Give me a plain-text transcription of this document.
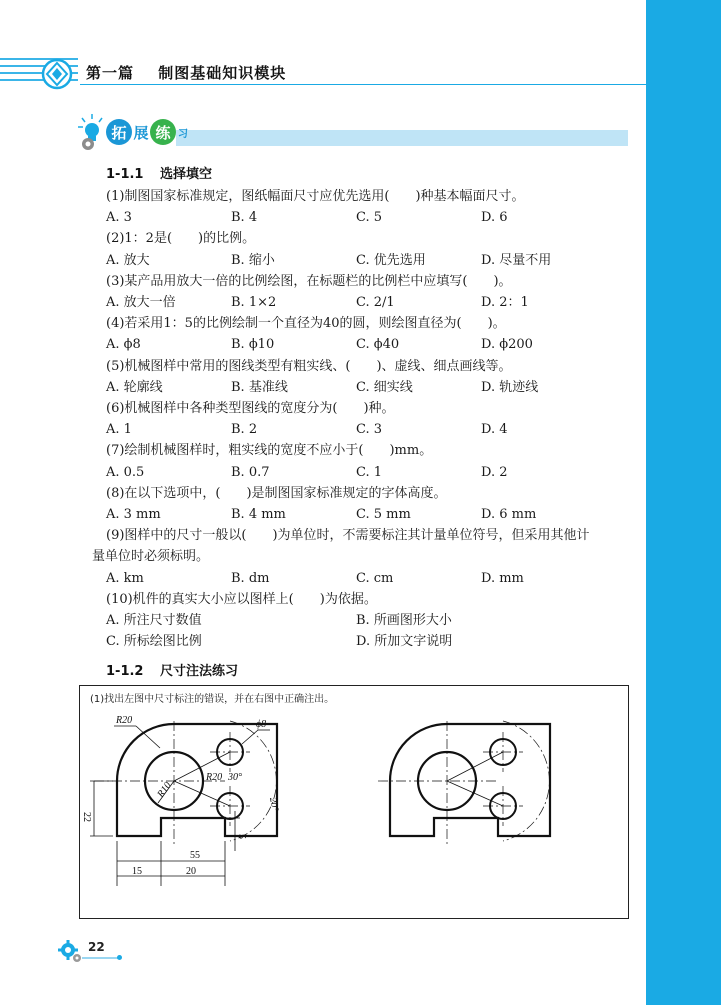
第一篇 制图基础知识模块
拓 展 练 习
1-1.1 选择填空
(1)制图国家标准规定，图纸幅面尺寸应优先选用(　　)种基本幅面尺寸。
A. 3	B. 4	C. 5	D. 6
(2)1：2是(　　)的比例。
A. 放大	B. 缩小	C. 优先选用	D. 尽量不用
(3)某产品用放大一倍的比例绘图，在标题栏的比例栏中应填写(　　)。
A. 放大一倍	B. 1×2	C. 2/1	D. 2：1
(4)若采用1：5的比例绘制一个直径为40的圆，则绘图直径为(　　)。
A. ϕ8	B. ϕ10	C. ϕ40	D. ϕ200
(5)机械图样中常用的图线类型有粗实线、(　　)、虚线、细点画线等。
A. 轮廓线	B. 基准线	C. 细实线	D. 轨迹线
(6)机械图样中各种类型图线的宽度分为(　　)种。
A. 1	B. 2	C. 3	D. 4
(7)绘制机械图样时，粗实线的宽度不应小于(　　)mm。
A. 0.5	B. 0.7	C. 1	D. 2
(8)在以下选项中，(　　)是制图国家标准规定的字体高度。
A. 3 mm	B. 4 mm	C. 5 mm	D. 6 mm
(9)图样中的尺寸一般以(　　)为单位时，不需要标注其计量单位符号，但采用其他计
量单位时必须标明。
A. km	B. dm	C. cm	D. mm
(10)机件的真实大小应以图样上(　　)为依据。
A. 所注尺寸数值	B. 所画图形大小
C. 所标绘图比例	D. 所加文字说明
1-1.2 尺寸注法练习
(1)找出左图中尺寸标注的错误，并在右图中正确注出。
R20	ϕ8
30°
R20
R10
20°
22
5
55
15	20
22
